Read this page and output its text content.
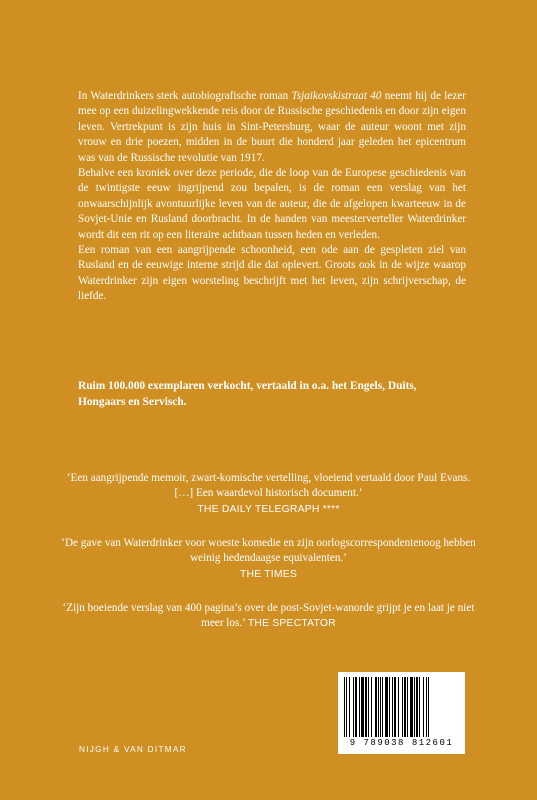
In Waterdrinkers sterk autobiografische roman Tsjaikovskistraat 40 neemt hij de lezer mee op een duizelingwekkende reis door de Russische geschiedenis en door zijn eigen leven. Vertrekpunt is zijn huis in Sint-Petersburg, waar de auteur woont met zijn vrouw en drie poezen, midden in de buurt die honderd jaar geleden het epicentrum was van de Russische revolutie van 1917.

Behalve een kroniek over deze periode, die de loop van de Europese geschiedenis van de twintigste eeuw ingrijpend zou bepalen, is de roman een verslag van het onwaarschijnlijk avontuurlijke leven van de auteur, die de afgelopen kwarteeuw in de Sovjet-Unie en Rusland doorbracht. In de handen van meesterverteller Waterdrinker wordt dit een rit op een literaire achtbaan tussen heden en verleden.

Een roman van een aangrijpende schoonheid, een ode aan de gespleten ziel van Rusland en de eeuwige interne strijd die dat oplevert. Groots ook in de wijze waarop Waterdrinker zijn eigen worsteling beschrijft met het leven, zijn schrijverschap, de liefde.

Ruim 100.000 exemplaren verkocht, vertaald in o.a. het Engels, Duits, Hongaars en Servisch.

‘Een aangrijpende memoir, zwart-komische vertelling, vloeiend vertaald door Paul Evans. […] Een waardevol historisch document.’
THE DAILY TELEGRAPH ****
‘De gave van Waterdrinker voor woeste komedie en zijn oorlogscorrespondentenoog hebben weinig hedendaagse equivalenten.’
THE TIMES
‘Zijn boeiende verslag van 400 pagina’s over de post-Sovjet-wanorde grijpt je en laat je niet meer los.’ THE SPECTATOR
NIJGH & VAN DITMAR
9 789038 812601
